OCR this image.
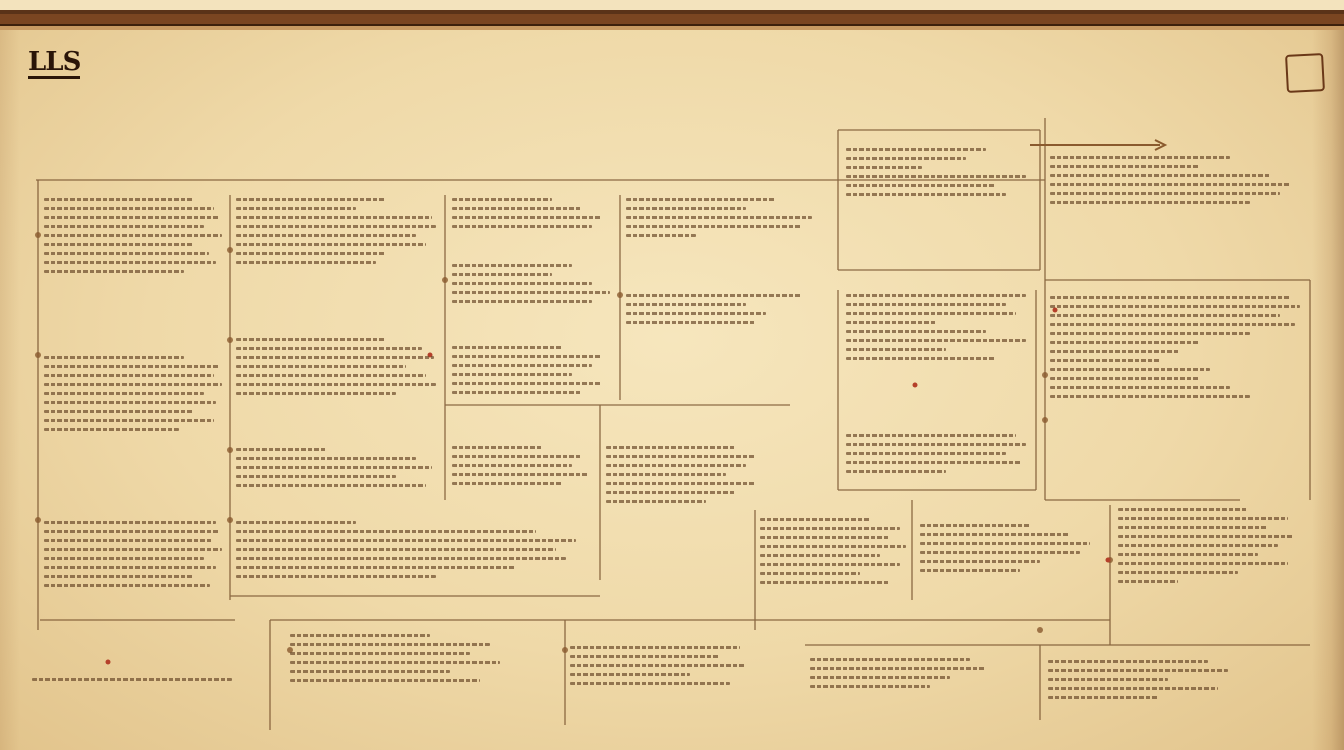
LLS
